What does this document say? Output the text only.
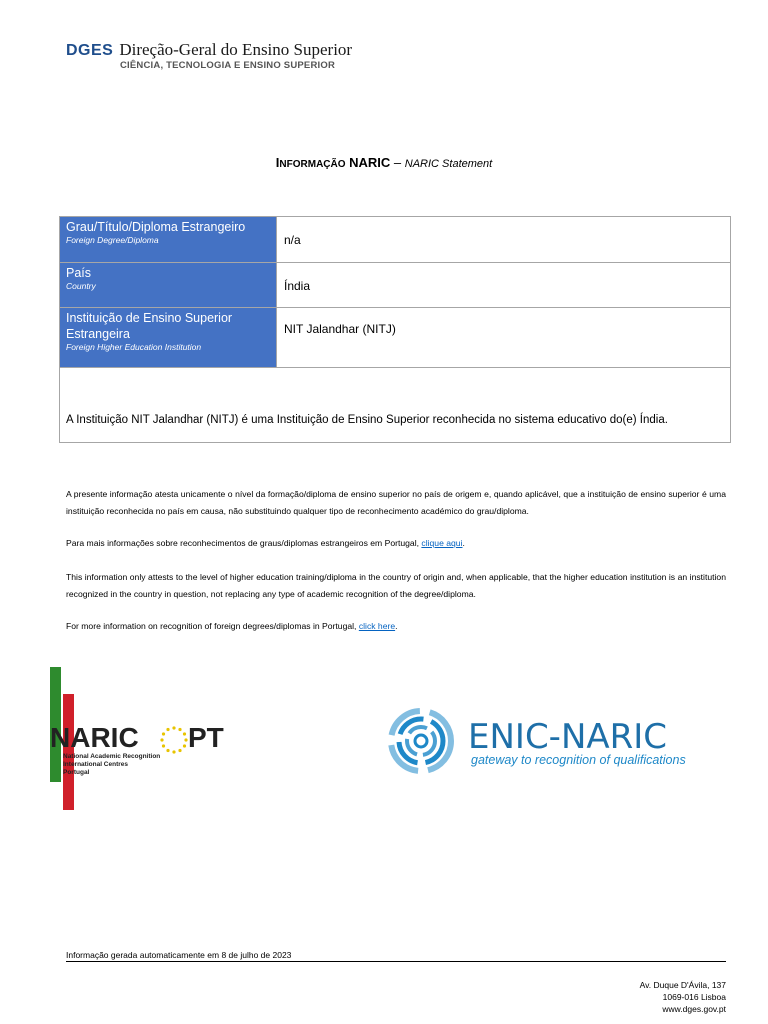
DGES Direção-Geral do Ensino Superior
CIÊNCIA, TECNOLOGIA E ENSINO SUPERIOR
INFORMAÇÃO NARIC – NARIC Statement
Grau/Título/Diploma Estrangeiro
Foreign Degree/Diploma	n/a
País
Country	Índia
Instituição de Ensino Superior Estrangeira
Foreign Higher Education Institution
NIT Jalandhar (NITJ)
A Instituição NIT Jalandhar (NITJ) é uma Instituição de Ensino Superior reconhecida no sistema educativo do(e) Índia.
A presente informação atesta unicamente o nível da formação/diploma de ensino superior no país de origem e, quando aplicável, que a instituição de ensino superior é uma instituição reconhecida no país em causa, não substituindo qualquer tipo de reconhecimento académico do grau/diploma.
Para mais informações sobre reconhecimentos de graus/diplomas estrangeiros em Portugal, clique aqui.
This information only attests to the level of higher education training/diploma in the country of origin and, when applicable, that the higher education institution is an institution recognized in the country in question, not replacing any type of academic recognition of the degree/diploma.
For more information on recognition of foreign degrees/diplomas in Portugal, click here.
NARIC PT
National Academic Recognition
International Centres
Portugal
ENIC-NARIC
gateway to recognition of qualifications
Informação gerada automaticamente em 8 de julho de 2023
Av. Duque D'Ávila, 137
1069-016 Lisboa
www.dges.gov.pt
